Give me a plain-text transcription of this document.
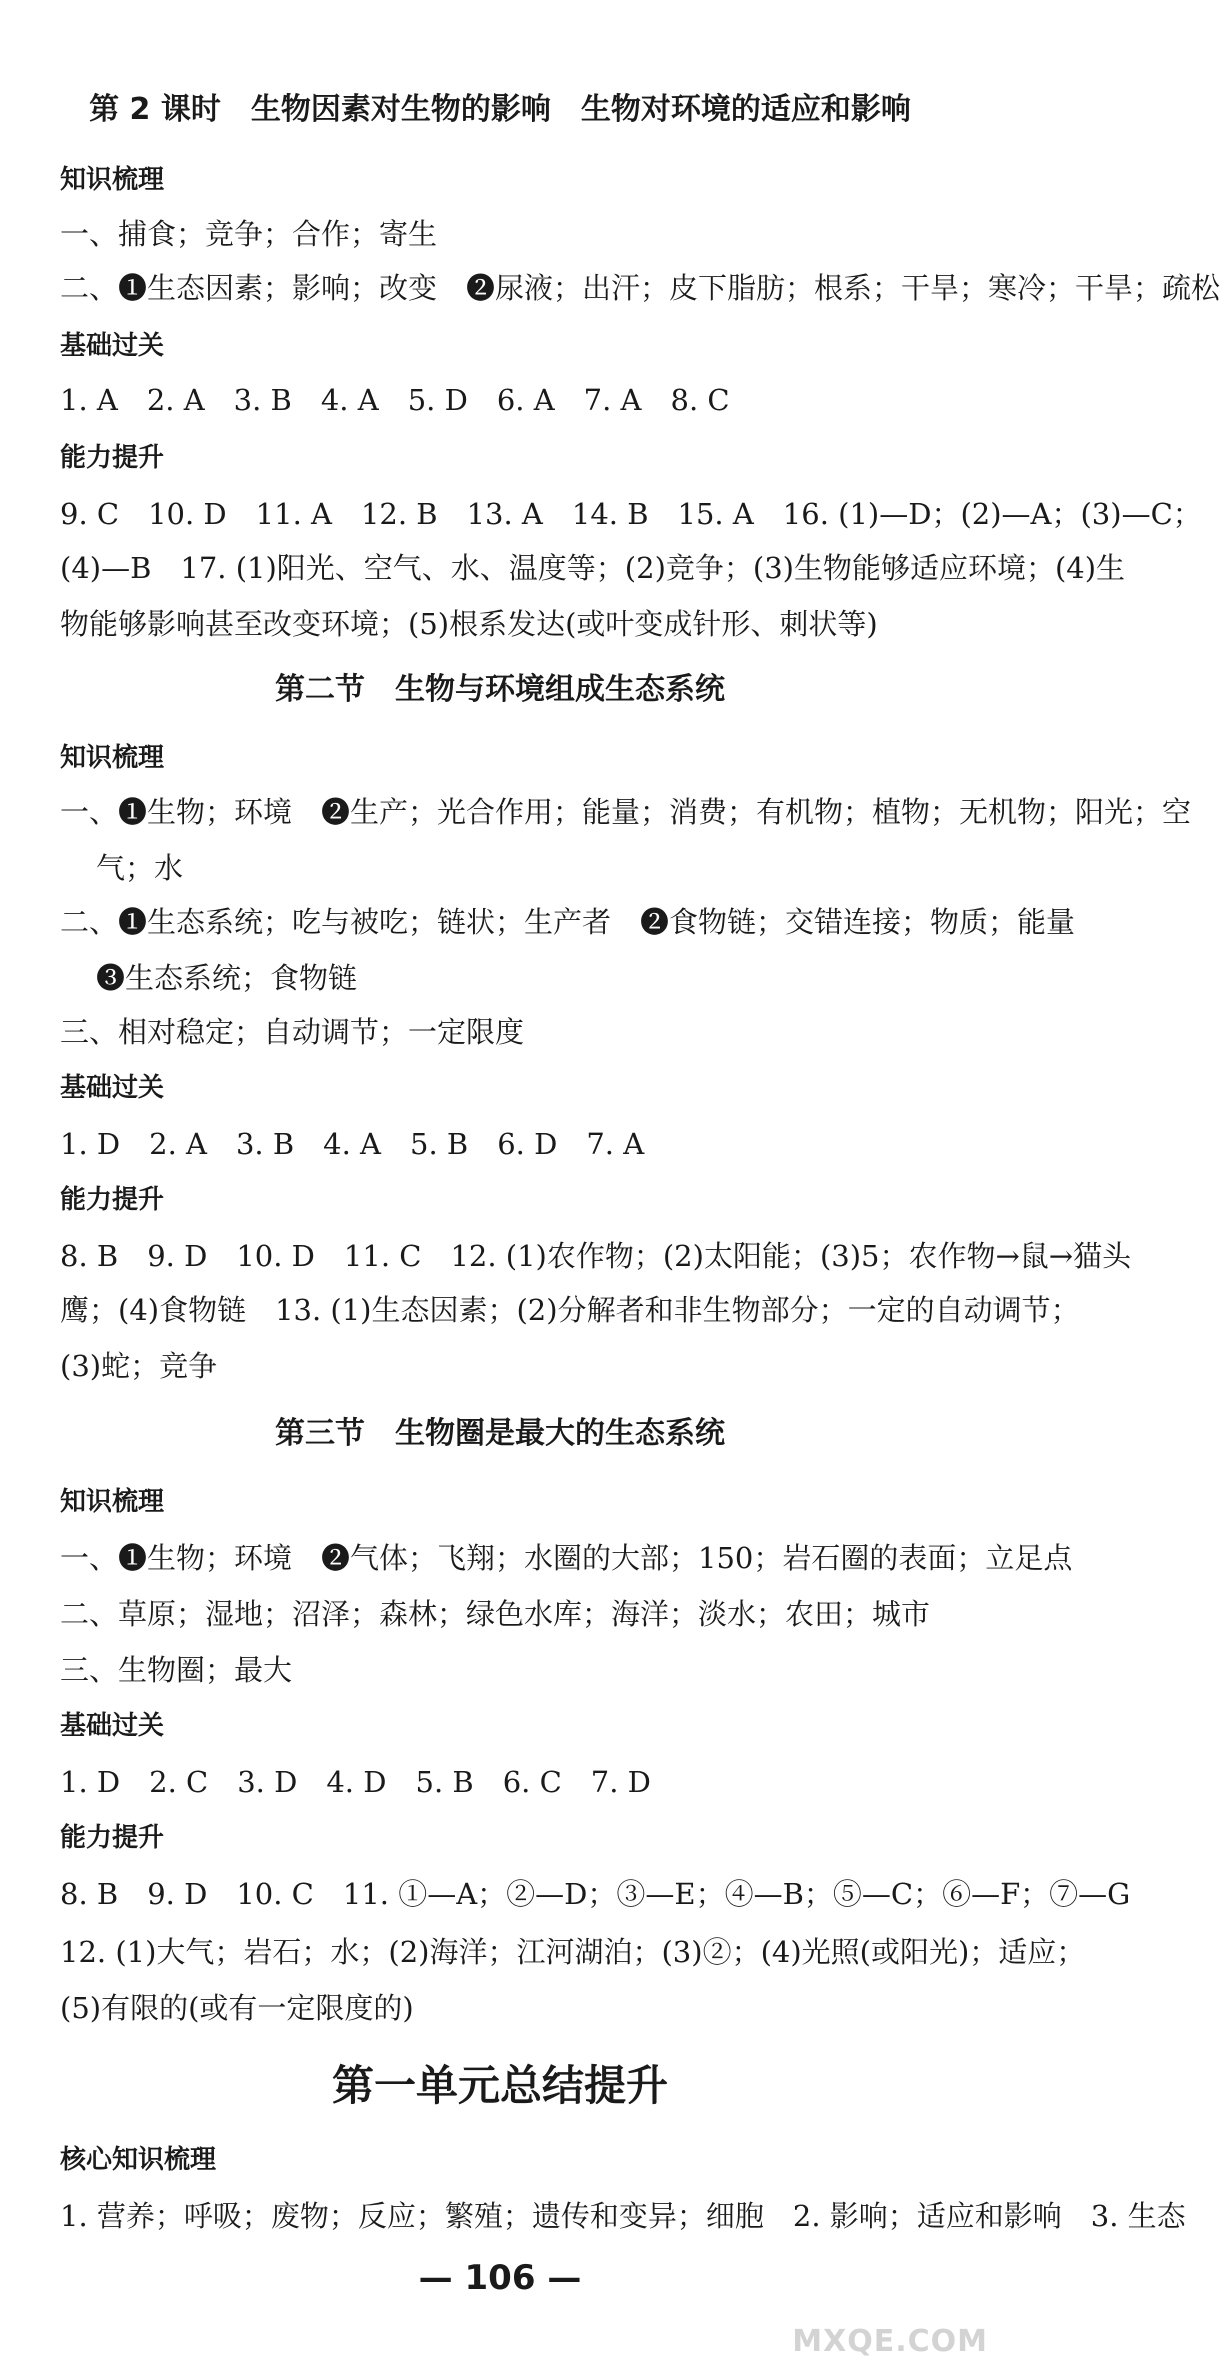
第 2 课时　生物因素对生物的影响　生物对环境的适应和影响
知识梳理
一、捕食；竞争；合作；寄生
二、❶生态因素；影响；改变　❷尿液；出汗；皮下脂肪；根系；干旱；寒冷；干旱；疏松
基础过关
1. A　2. A　3. B　4. A　5. D　6. A　7. A　8. C
能力提升
9. C　10. D　11. A　12. B　13. A　14. B　15. A　16. (1)—D；(2)—A；(3)—C；
(4)—B　17. (1)阳光、空气、水、温度等；(2)竞争；(3)生物能够适应环境；(4)生
物能够影响甚至改变环境；(5)根系发达(或叶变成针形、刺状等)
第二节　生物与环境组成生态系统
知识梳理
一、❶生物；环境　❷生产；光合作用；能量；消费；有机物；植物；无机物；阳光；空
气；水
二、❶生态系统；吃与被吃；链状；生产者　❷食物链；交错连接；物质；能量
❸生态系统；食物链
三、相对稳定；自动调节；一定限度
基础过关
1. D　2. A　3. B　4. A　5. B　6. D　7. A
能力提升
8. B　9. D　10. D　11. C　12. (1)农作物；(2)太阳能；(3)5；农作物→鼠→猫头
鹰；(4)食物链　13. (1)生态因素；(2)分解者和非生物部分；一定的自动调节；
(3)蛇；竞争
第三节　生物圈是最大的生态系统
知识梳理
一、❶生物；环境　❷气体；飞翔；水圈的大部；150；岩石圈的表面；立足点
二、草原；湿地；沼泽；森林；绿色水库；海洋；淡水；农田；城市
三、生物圈；最大
基础过关
1. D　2. C　3. D　4. D　5. B　6. C　7. D
能力提升
8. B　9. D　10. C　11. ①—A；②—D；③—E；④—B；⑤—C；⑥—F；⑦—G
12. (1)大气；岩石；水；(2)海洋；江河湖泊；(3)②；(4)光照(或阳光)；适应；
(5)有限的(或有一定限度的)
第一单元总结提升
核心知识梳理
1. 营养；呼吸；废物；反应；繁殖；遗传和变异；细胞　2. 影响；适应和影响　3. 生态
— 106 —
MXQE.COM
